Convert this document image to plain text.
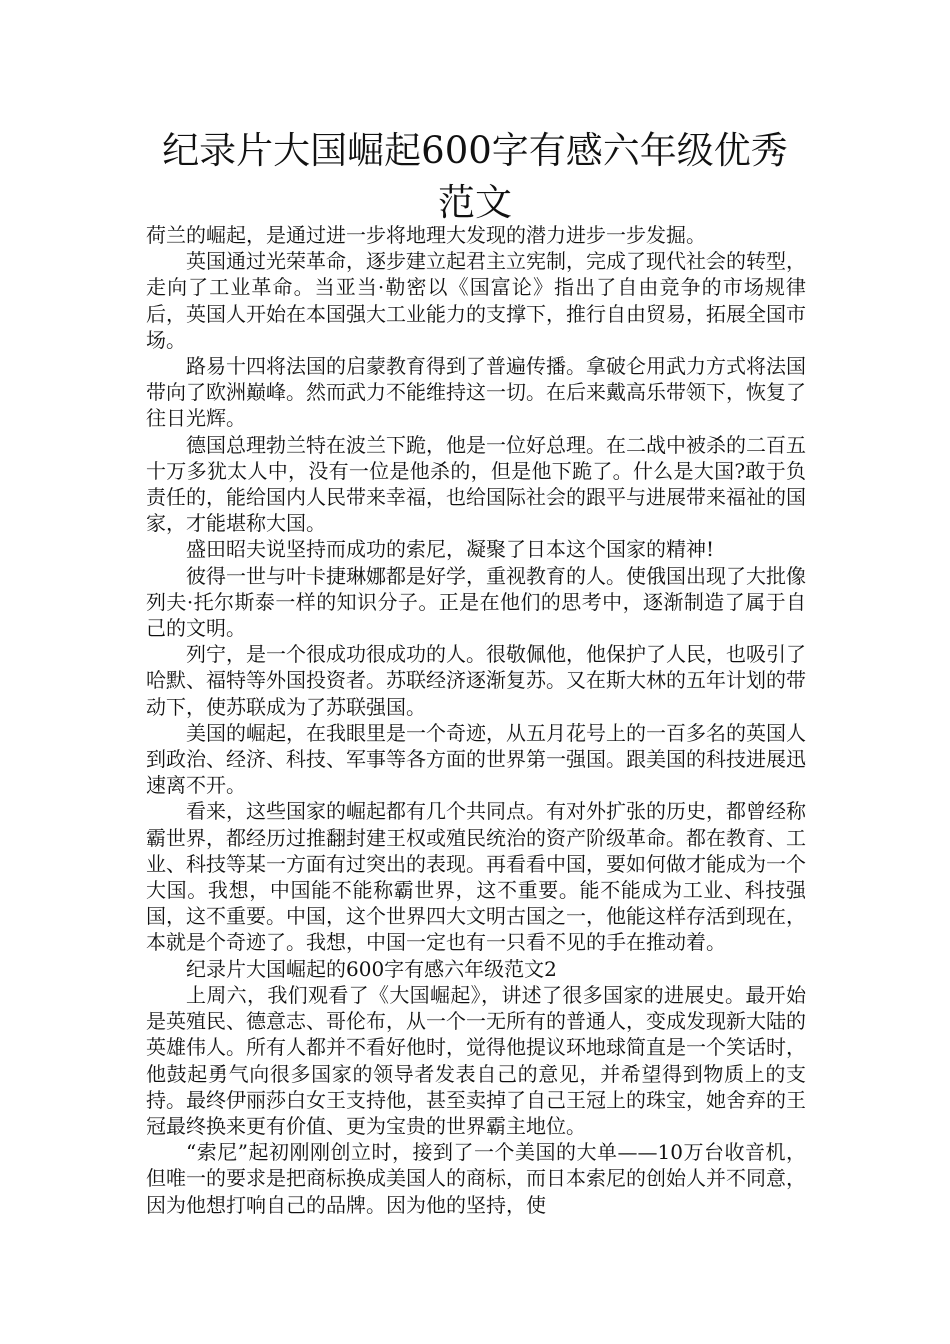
纪录片大国崛起600字有感六年级优秀范文

荷兰的崛起，是通过进一步将地理大发现的潜力进步一步发掘。

英国通过光荣革命，逐步建立起君主立宪制，完成了现代社会的转型，走向了工业革命。当亚当·勒密以《国富论》指出了自由竞争的市场规律后，英国人开始在本国强大工业能力的支撑下，推行自由贸易，拓展全国市场。

路易十四将法国的启蒙教育得到了普遍传播。拿破仑用武力方式将法国带向了欧洲巅峰。然而武力不能维持这一切。在后来戴高乐带领下，恢复了往日光辉。

德国总理勃兰特在波兰下跪，他是一位好总理。在二战中被杀的二百五十万多犹太人中，没有一位是他杀的，但是他下跪了。什么是大国?敢于负责任的，能给国内人民带来幸福，也给国际社会的跟平与进展带来福祉的国家，才能堪称大国。

盛田昭夫说坚持而成功的索尼，凝聚了日本这个国家的精神!

彼得一世与叶卡捷琳娜都是好学，重视教育的人。使俄国出现了大批像列夫·托尔斯泰一样的知识分子。正是在他们的思考中，逐渐制造了属于自己的文明。

列宁，是一个很成功很成功的人。很敬佩他，他保护了人民，也吸引了哈默、福特等外国投资者。苏联经济逐渐复苏。又在斯大林的五年计划的带动下，使苏联成为了苏联强国。

美国的崛起，在我眼里是一个奇迹，从五月花号上的一百多名的英国人到政治、经济、科技、军事等各方面的世界第一强国。跟美国的科技进展迅速离不开。

看来，这些国家的崛起都有几个共同点。有对外扩张的历史，都曾经称霸世界，都经历过推翻封建王权或殖民统治的资产阶级革命。都在教育、工业、科技等某一方面有过突出的表现。再看看中国，要如何做才能成为一个大国。我想，中国能不能称霸世界，这不重要。能不能成为工业、科技强国，这不重要。中国，这个世界四大文明古国之一，他能这样存活到现在，本就是个奇迹了。我想，中国一定也有一只看不见的手在推动着。

纪录片大国崛起的600字有感六年级范文2

上周六，我们观看了《大国崛起》，讲述了很多国家的进展史。最开始是英殖民、德意志、哥伦布，从一个一无所有的普通人，变成发现新大陆的英雄伟人。所有人都并不看好他时，觉得他提议环地球简直是一个笑话时，他鼓起勇气向很多国家的领导者发表自己的意见，并希望得到物质上的支持。最终伊丽莎白女王支持他，甚至卖掉了自己王冠上的珠宝，她舍弃的王冠最终换来更有价值、更为宝贵的世界霸主地位。

“索尼”起初刚刚创立时，接到了一个美国的大单——10万台收音机，但唯一的要求是把商标换成美国人的商标，而日本索尼的创始人并不同意，因为他想打响自己的品牌。因为他的坚持，使
